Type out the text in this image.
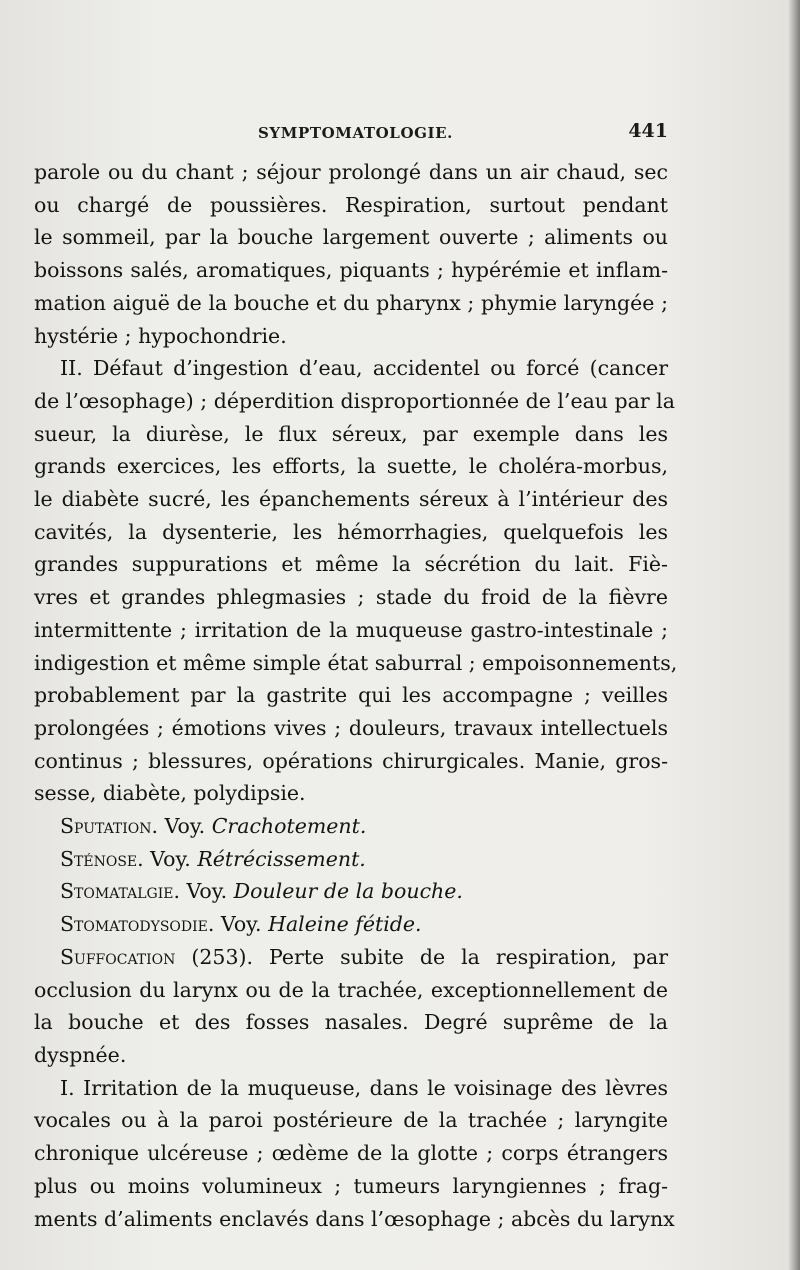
SYMPTOMATOLOGIE.	441
parole ou du chant ; séjour prolongé dans un air chaud, sec
ou chargé de poussières. Respiration, surtout pendant
le sommeil, par la bouche largement ouverte ; aliments ou
boissons salés, aromatiques, piquants ; hypérémie et inflam-
mation aiguë de la bouche et du pharynx ; phymie laryngée ;
hystérie ; hypochondrie.
II. Défaut d’ingestion d’eau, accidentel ou forcé (cancer
de l’œsophage) ; déperdition disproportionnée de l’eau par la
sueur, la diurèse, le flux séreux, par exemple dans les
grands exercices, les efforts, la suette, le choléra-morbus,
le diabète sucré, les épanchements séreux à l’intérieur des
cavités, la dysenterie, les hémorrhagies, quelquefois les
grandes suppurations et même la sécrétion du lait. Fiè-
vres et grandes phlegmasies ; stade du froid de la fièvre
intermittente ; irritation de la muqueuse gastro-intestinale ;
indigestion et même simple état saburral ; empoisonnements,
probablement par la gastrite qui les accompagne ; veilles
prolongées ; émotions vives ; douleurs, travaux intellectuels
continus ; blessures, opérations chirurgicales. Manie, gros-
sesse, diabète, polydipsie.
Sputation. Voy. Crachotement.
Sténose. Voy. Rétrécissement.
Stomatalgie. Voy. Douleur de la bouche.
Stomatodysodie. Voy. Haleine fétide.
Suffocation (253). Perte subite de la respiration, par
occlusion du larynx ou de la trachée, exceptionnellement de
la bouche et des fosses nasales. Degré suprême de la
dyspnée.
I. Irritation de la muqueuse, dans le voisinage des lèvres
vocales ou à la paroi postérieure de la trachée ; laryngite
chronique ulcéreuse ; œdème de la glotte ; corps étrangers
plus ou moins volumineux ; tumeurs laryngiennes ; frag-
ments d’aliments enclavés dans l’œsophage ; abcès du larynx
